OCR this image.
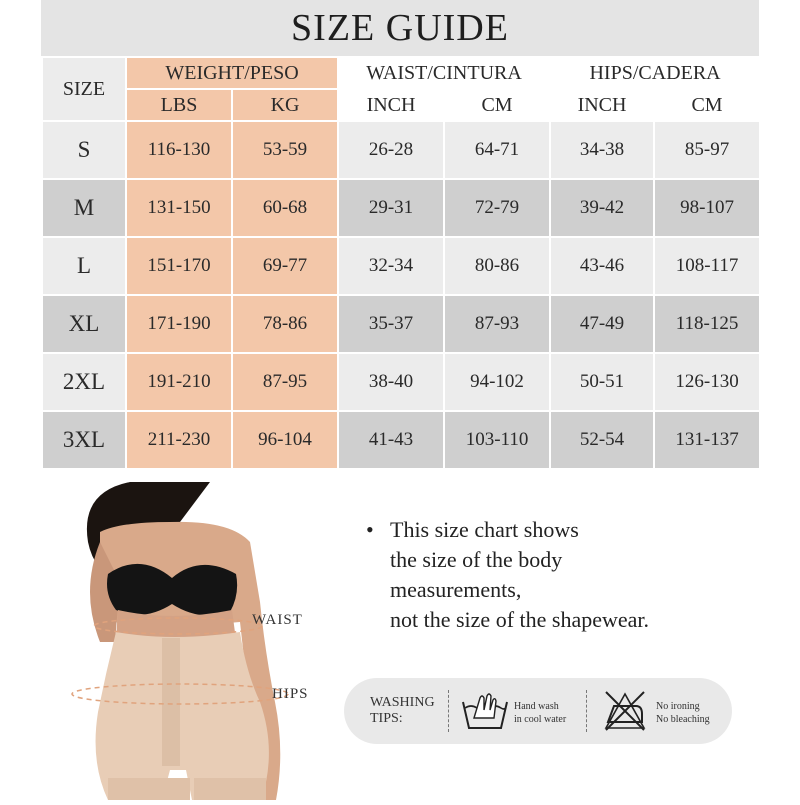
SIZE GUIDE
SIZE	WEIGHT/PESO		WAIST/CINTURA		HIPS/CADERA	
	LBS	KG	INCH	CM	INCH	CM
S	116-130	53-59	26-28	64-71	34-38	85-97
M	131-150	60-68	29-31	72-79	39-42	98-107
L	151-170	69-77	32-34	80-86	43-46	108-117
XL	171-190	78-86	35-37	87-93	47-49	118-125
2XL	191-210	87-95	38-40	94-102	50-51	126-130
3XL	211-230	96-104	41-43	103-110	52-54	131-137
WAIST
HIPS
• This size chart shows
the size of the body
measurements,
not the size of the shapewear.
WASHING
TIPS:
Hand wash
in cool water
No ironing
No bleaching
